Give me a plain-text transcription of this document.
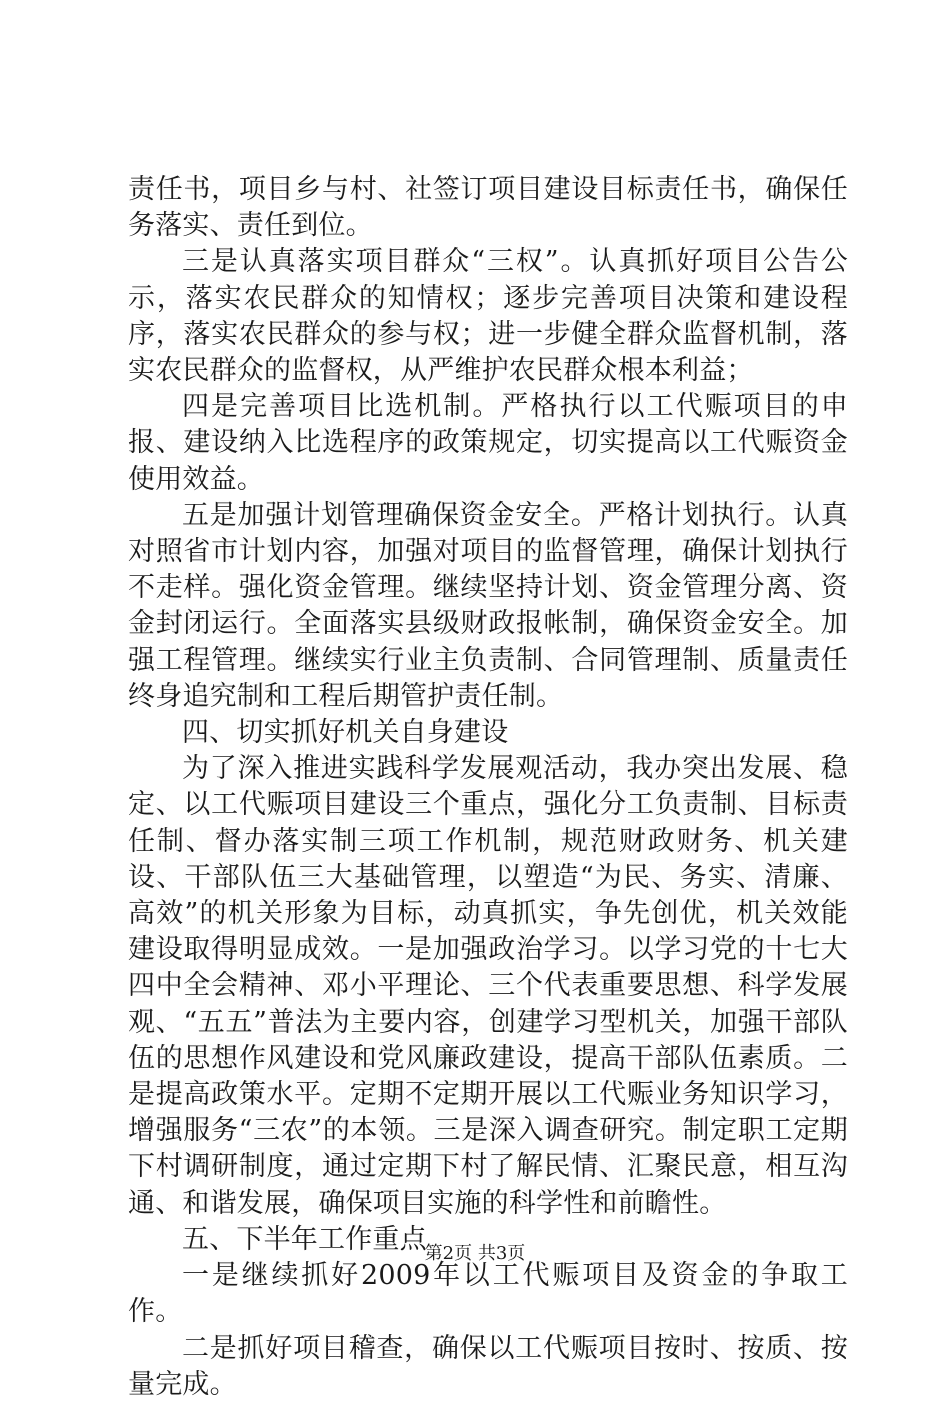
责任书，项目乡与村、社签订项目建设目标责任书，确保任务落实、责任到位。

三是认真落实项目群众“三权”。认真抓好项目公告公示，落实农民群众的知情权；逐步完善项目决策和建设程序，落实农民群众的参与权；进一步健全群众监督机制，落实农民群众的监督权，从严维护农民群众根本利益；

四是完善项目比选机制。严格执行以工代赈项目的申报、建设纳入比选程序的政策规定，切实提高以工代赈资金使用效益。

五是加强计划管理确保资金安全。严格计划执行。认真对照省市计划内容，加强对项目的监督管理，确保计划执行不走样。强化资金管理。继续坚持计划、资金管理分离、资金封闭运行。全面落实县级财政报帐制，确保资金安全。加强工程管理。继续实行业主负责制、合同管理制、质量责任终身追究制和工程后期管护责任制。

四、切实抓好机关自身建设

为了深入推进实践科学发展观活动，我办突出发展、稳定、以工代赈项目建设三个重点，强化分工负责制、目标责任制、督办落实制三项工作机制，规范财政财务、机关建设、干部队伍三大基础管理，以塑造“为民、务实、清廉、高效”的机关形象为目标，动真抓实，争先创优，机关效能建设取得明显成效。一是加强政治学习。以学习党的十七大四中全会精神、邓小平理论、三个代表重要思想、科学发展观、“五五”普法为主要内容，创建学习型机关，加强干部队伍的思想作风建设和党风廉政建设，提高干部队伍素质。二是提高政策水平。定期不定期开展以工代赈业务知识学习，增强服务“三农”的本领。三是深入调查研究。制定职工定期下村调研制度，通过定期下村了解民情、汇聚民意，相互沟通、和谐发展，确保项目实施的科学性和前瞻性。

五、下半年工作重点

一是继续抓好2009年以工代赈项目及资金的争取工作。

二是抓好项目稽查，确保以工代赈项目按时、按质、按量完成。

第2页 共3页
